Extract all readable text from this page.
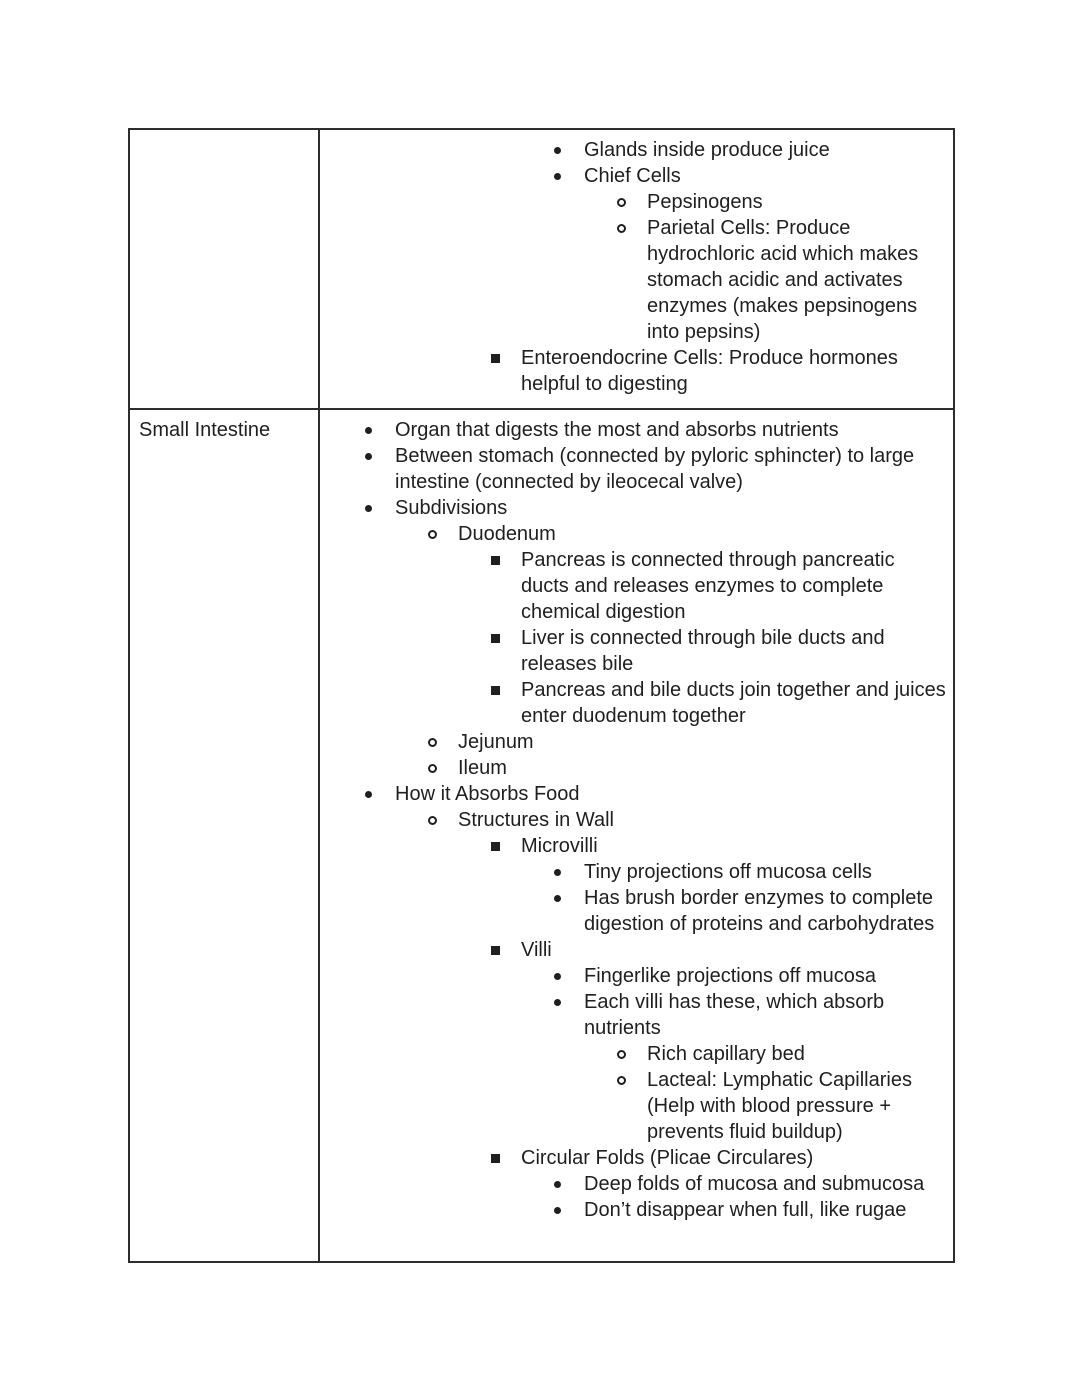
Glands inside produce juice
Chief Cells
Pepsinogens
Parietal Cells: Produce hydrochloric acid which makes stomach acidic and activates enzymes (makes pepsinogens into pepsins)
Enteroendocrine Cells: Produce hormones helpful to digesting
Small Intestine	Organ that digests the most and absorbs nutrients
Between stomach (connected by pyloric sphincter) to large intestine (connected by ileocecal valve)
Subdivisions
Duodenum
Pancreas is connected through pancreatic ducts and releases enzymes to complete chemical digestion
Liver is connected through bile ducts and releases bile
Pancreas and bile ducts join together and juices enter duodenum together
Jejunum
Ileum
How it Absorbs Food
Structures in Wall
Microvilli
Tiny projections off mucosa cells
Has brush border enzymes to complete digestion of proteins and carbohydrates
Villi
Fingerlike projections off mucosa
Each villi has these, which absorb nutrients
Rich capillary bed
Lacteal: Lymphatic Capillaries (Help with blood pressure + prevents fluid buildup)
Circular Folds (Plicae Circulares)
Deep folds of mucosa and submucosa
Don’t disappear when full, like rugae
